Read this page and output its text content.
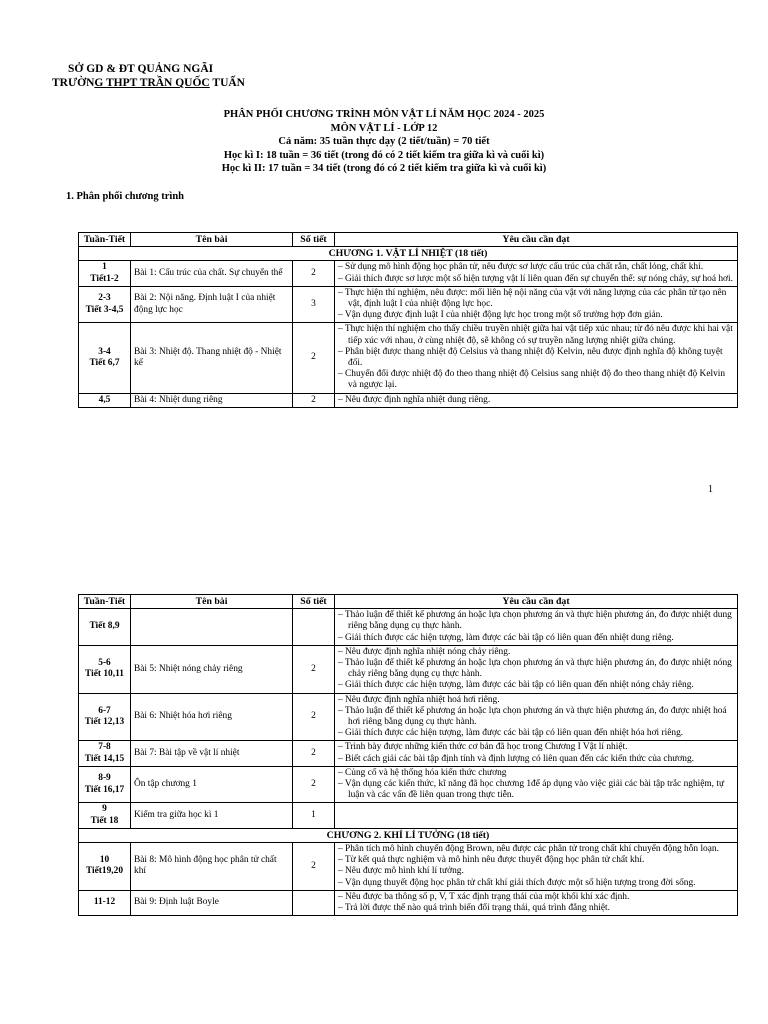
SỞ GD & ĐT QUẢNG NGÃI
TRƯỜNG THPT TRẦN QUỐC TUẤN
PHÂN PHỐI CHƯƠNG TRÌNH MÔN VẬT LÍ NĂM HỌC 2024 - 2025
MÔN VẬT LÍ - LỚP 12
Cả năm: 35 tuần thực dạy (2 tiết/tuần) = 70 tiết
Học kì I: 18 tuần = 36 tiết (trong đó có 2 tiết kiểm tra giữa kì và cuối kì)
Học kì II: 17 tuần = 34 tiết (trong đó có 2 tiết kiểm tra giữa kì và cuối kì)
1. Phân phối chương trình
Tuần-Tiết	Tên bài	Số tiết	Yêu cầu cần đạt
CHƯƠNG 1. VẬT LÍ NHIỆT (18 tiết)			
1
Tiết1-2	Bài 1: Cấu trúc của chất. Sự chuyển thể	2	– Sử dụng mô hình động học phân tử, nêu được sơ lược cấu trúc của chất rắn, chất lỏng, chất khí.
– Giải thích được sơ lược một số hiện tượng vật lí liên quan đến sự chuyển thể: sự nóng chảy, sự hoá hơi.

2-3
Tiết 3-4,5	Bài 2: Nội năng. Định luật I của nhiệt động lực học	3	– Thực hiện thí nghiệm, nêu được: mối liên hệ nội năng của vật với năng lượng của các phân tử tạo nên vật, định luật I của nhiệt động lực học.
– Vận dụng được định luật I của nhiệt động lực học trong một số trường hợp đơn giản.

3-4
Tiết 6,7	Bài 3: Nhiệt độ. Thang nhiệt độ - Nhiệt kế	2	– Thực hiện thí nghiệm cho thấy chiều truyền nhiệt giữa hai vật tiếp xúc nhau; từ đó nêu được khi hai vật tiếp xúc với nhau, ở cùng nhiệt độ, sẽ không có sự truyền năng lượng nhiệt giữa chúng.
– Phân biệt được thang nhiệt độ Celsius và thang nhiệt độ Kelvin, nêu được định nghĩa độ không tuyệt đối.
– Chuyển đổi được nhiệt độ đo theo thang nhiệt độ Celsius sang nhiệt độ đo theo thang nhiệt độ Kelvin và ngược lại.

4,5	Bài 4: Nhiệt dung riêng	2	– Nêu được định nghĩa nhiệt dung riêng.
1
Tuần-Tiết	Tên bài	Số tiết	Yêu cầu cần đạt
Tiết 8,9			– Thảo luận để thiết kế phương án hoặc lựa chọn phương án và thực hiện phương án, đo được nhiệt dung riêng bằng dụng cụ thực hành.
– Giải thích được các hiện tượng, làm được các bài tập có liên quan đến nhiệt dung riêng.

5-6
Tiết 10,11	Bài 5: Nhiệt nóng chảy riêng	2	– Nêu được định nghĩa nhiệt nóng chảy riêng.
– Thảo luận để thiết kế phương án hoặc lựa chọn phương án và thực hiện phương án, đo được nhiệt nóng chảy riêng bằng dụng cụ thực hành.
– Giải thích được các hiện tượng, làm được các bài tập có liên quan đến nhiệt nóng chảy riêng.

6-7
Tiết 12,13	Bài 6: Nhiệt hóa hơi riêng	2	– Nêu được định nghĩa nhiệt hoá hơi riêng.
– Thảo luận để thiết kế phương án hoặc lựa chọn phương án và thực hiện phương án, đo được nhiệt hoá hơi riêng bằng dụng cụ thực hành.
– Giải thích được các hiện tượng, làm được các bài tập có liên quan đến nhiệt hóa hơi riêng.

7-8
Tiết 14,15	Bài 7: Bài tập về vật lí nhiệt	2	– Trình bày được những kiến thức cơ bản đã học trong Chương I Vật lí nhiệt.
– Biết cách giải các bài tập định tính và định lượng có liên quan đến các kiến thức của chương.

8-9
Tiết 16,17	Ôn tập chương 1	2	– Củng cố và hệ thống hóa kiến thức chương
– Vận dụng các kiến thức, kĩ năng đã học chương 1để áp dụng vào việc giải các bài tập trắc nghiệm, tự luận và các vấn đề liên quan trong thực tiễn.

9
Tiết 18	Kiểm tra giữa học kì 1	1	
CHƯƠNG 2. KHÍ LÍ TƯỞNG (18 tiết)			
10
Tiết19,20	Bài 8: Mô hình động học phân tử chất khí	2	– Phân tích mô hình chuyển động Brown, nêu được các phân tử trong chất khí chuyển động hỗn loạn.
– Từ kết quả thực nghiệm và mô hình nêu được thuyết động học phân tử chất khí.
– Nêu được mô hình khí lí tưởng.
– Vận dụng thuyết động học phân tử chất khí giải thích được một số hiện tượng trong đời sống.

11-12	Bài 9: Định luật Boyle		– Nêu được ba thông số p, V, T xác định trạng thái của một khối khí xác định.
– Trả lời được thế nào quá trình biến đổi trạng thái, quá trình đẳng nhiệt.
